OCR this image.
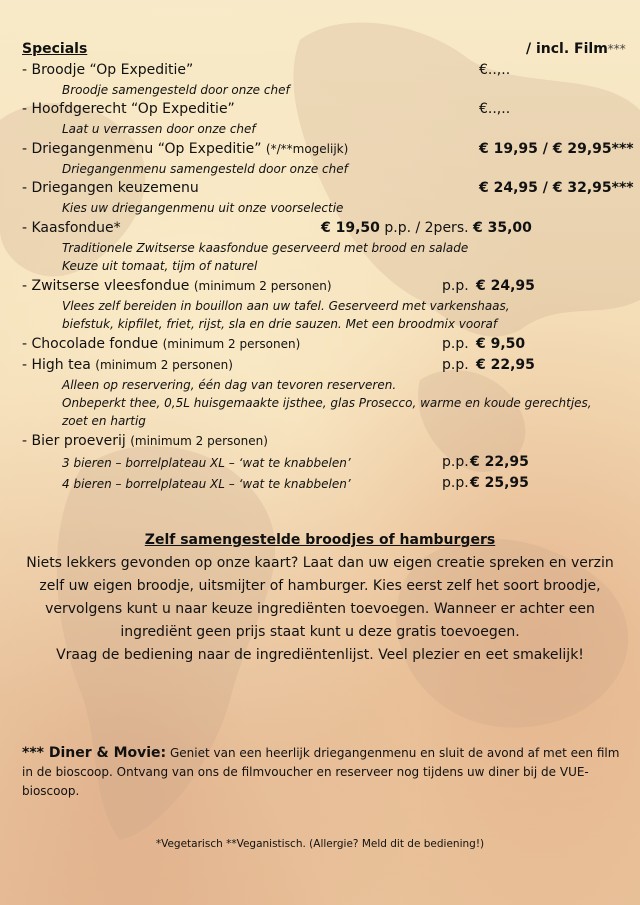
Specials	/ incl. Film***
- Broodje “Op Expeditie”	€..,..
Broodje samengesteld door onze chef
- Hoofdgerecht “Op Expeditie”	€..,..
Laat u verrassen door onze chef
- Driegangenmenu “Op Expeditie” (*/**mogelijk)	€ 19,95 / € 29,95***
Driegangenmenu samengesteld door onze chef
- Driegangen keuzemenu	€ 24,95 / € 32,95***
Kies uw driegangenmenu uit onze voorselectie
- Kaasfondue*	€ 19,50 p.p. / 2pers. € 35,00
Traditionele Zwitserse kaasfondue geserveerd met brood en salade
Keuze uit tomaat, tijm of naturel
- Zwitserse vleesfondue (minimum 2 personen)	p.p. € 24,95
Vlees zelf bereiden in bouillon aan uw tafel. Geserveerd met varkenshaas,
biefstuk, kipfilet, friet, rijst, sla en drie sauzen. Met een broodmix vooraf
- Chocolade fondue (minimum 2 personen)	p.p. € 9,50
- High tea (minimum 2 personen)	p.p. € 22,95
Alleen op reservering, één dag van tevoren reserveren.
Onbeperkt thee, 0,5L huisgemaakte ijsthee, glas Prosecco, warme en koude gerechtjes,
zoet en hartig
- Bier proeverij (minimum 2 personen)
3 bieren – borrelplateau XL – ‘wat te knabbelen’	p.p. € 22,95
4 bieren – borrelplateau XL – ‘wat te knabbelen’	p.p. € 25,95
Zelf samengestelde broodjes of hamburgers
Niets lekkers gevonden op onze kaart? Laat dan uw eigen creatie spreken en verzin
zelf uw eigen broodje, uitsmijter of hamburger. Kies eerst zelf het soort broodje,
vervolgens kunt u naar keuze ingrediënten toevoegen. Wanneer er achter een
ingrediënt geen prijs staat kunt u deze gratis toevoegen.
Vraag de bediening naar de ingrediëntenlijst. Veel plezier en eet smakelijk!
*** Diner & Movie: Geniet van een heerlijk driegangenmenu en sluit de avond af met een film in de bioscoop. Ontvang van ons de filmvoucher en reserveer nog tijdens uw diner bij de VUE-bioscoop.
*Vegetarisch **Veganistisch. (Allergie? Meld dit de bediening!)
